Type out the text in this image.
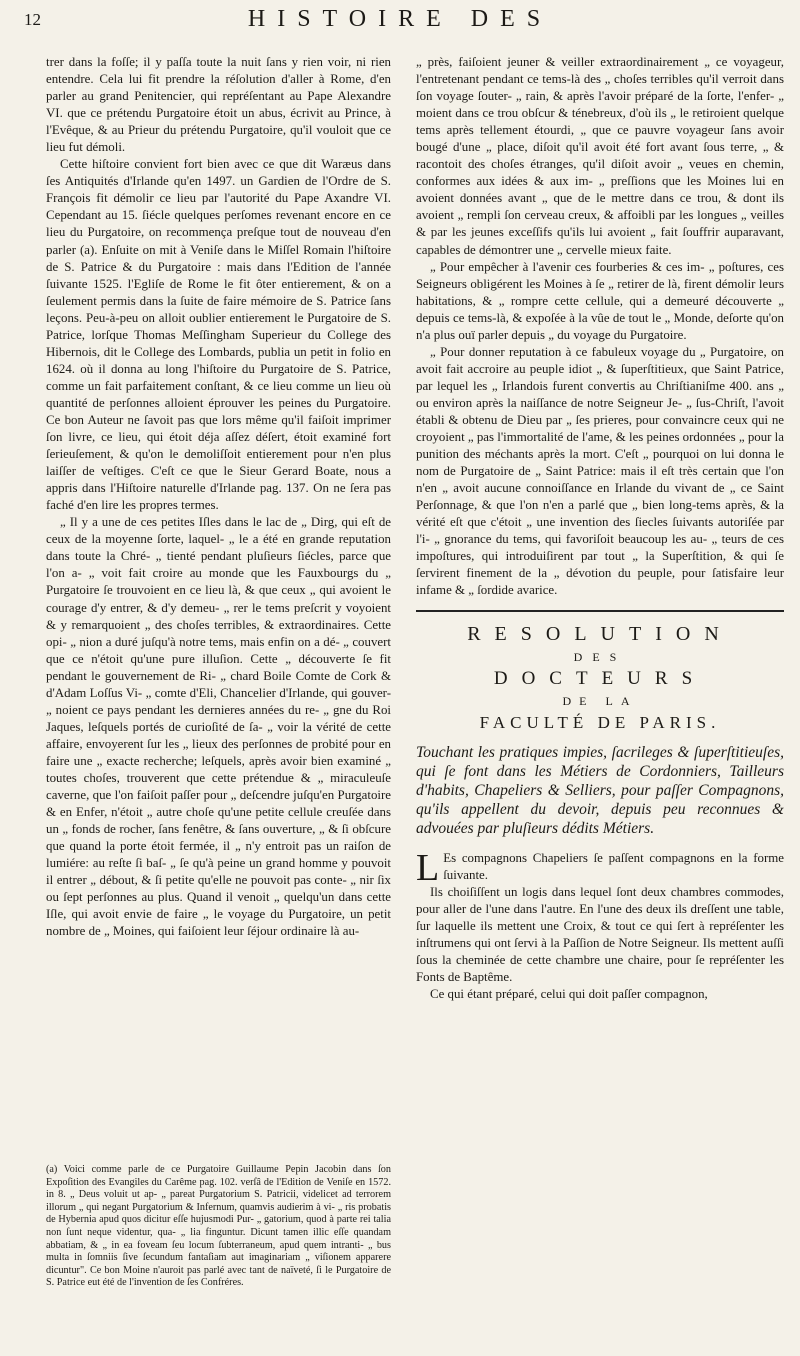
12	HISTOIRE DES

trer dans la foſſe; il y paſſa toute la nuit ſans y rien voir, ni rien entendre. Cela lui fit prendre la réſolution d'aller à Rome, d'en parler au grand Penitencier, qui repréſentant au Pape Alexandre VI. que ce prétendu Purgatoire étoit un abus, écrivit au Prince, à l'Evêque, & au Prieur du prétendu Purgatoire, qu'il vouloit que ce lieu fut démoli.

Cette hiſtoire convient fort bien avec ce que dit Waræus dans ſes Antiquités d'Irlande qu'en 1497. un Gardien de l'Ordre de S. François fit démolir ce lieu par l'autorité du Pape Axandre VI. Cependant au 15. ſiécle quelques perſomes revenant encore en ce lieu du Purgatoire, on recommença preſque tout de nouveau d'en parler (a). Enſuite on mit à Veniſe dans le Miſſel Romain l'hiſtoire de S. Patrice & du Purgatoire : mais dans l'Edition de l'année ſuivante 1525. l'Egliſe de Rome le fit ôter entierement, & on a ſeulement permis dans la ſuite de faire mémoire de S. Patrice ſans leçons. Peu-à-peu on alloit oublier entierement le Purgatoire de S. Patrice, lorſque Thomas Meſſingham Superieur du College des Hibernois, dit le College des Lombards, publia un petit in folio en 1624. où il donna au long l'hiſtoire du Purgatoire de S. Patrice, comme un fait parfaitement conſtant, & ce lieu comme un lieu où quantité de perſonnes alloient éprouver les peines du Purgatoire. Ce bon Auteur ne ſavoit pas que lors même qu'il faiſoit imprimer ſon livre, ce lieu, qui étoit déja aſſez déſert, étoit examiné fort ſerieuſement, & qu'on le demoliſſoit entierement pour n'en plus laiſſer de veſtiges. C'eſt ce que le Sieur Gerard Boate, nous a appris dans l'Hiſtoire naturelle d'Irlande pag. 137. On ne ſera pas faché d'en lire les propres termes.

„ Il y a une de ces petites Iſles dans le lac de „ Dirg, qui eſt de ceux de la moyenne ſorte, laquel- „ le a été en grande reputation dans toute la Chré- „ tienté pendant pluſieurs ſiécles, parce que l'on a- „ voit fait croire au monde que les Fauxbourgs du „ Purgatoire ſe trouvoient en ce lieu là, & que ceux „ qui avoient le courage d'y entrer, & d'y demeu- „ rer le tems preſcrit y voyoient & y remarquoient „ des choſes terribles, & extraordinaires. Cette opi- „ nion a duré juſqu'à notre tems, mais enfin on a dé- „ couvert que ce n'étoit qu'une pure illuſion. Cette „ découverte ſe fit pendant le gouvernement de Ri- „ chard Boile Comte de Cork & d'Adam Loſſus Vi- „ comte d'Eli, Chancelier d'Irlande, qui gouver- „ noient ce pays pendant les dernieres années du re- „ gne du Roi Jaques, leſquels portés de curioſité de ſa- „ voir la vérité de cette affaire, envoyerent ſur les „ lieux des perſonnes de probité pour en faire une „ exacte recherche; leſquels, après avoir bien examiné „ toutes choſes, trouverent que cette prétendue & „ miraculeuſe caverne, que l'on faiſoit paſſer pour „ deſcendre juſqu'en Purgatoire & en Enfer, n'étoit „ autre choſe qu'une petite cellule creuſée dans un „ fonds de rocher, ſans fenêtre, & ſans ouverture, „ & ſi obſcure que quand la porte étoit fermée, il „ n'y entroit pas un raiſon de lumiére: au reſte ſi baſ- „ ſe qu'à peine un grand homme y pouvoit il entrer „ débout, & ſi petite qu'elle ne pouvoit pas conte- „ nir ſix ou ſept perſonnes au plus. Quand il venoit „ quelqu'un dans cette Iſle, qui avoit envie de faire „ le voyage du Purgatoire, un petit nombre de „ Moines, qui faiſoient leur ſéjour ordinaire là au-

(a) Voici comme parle de ce Purgatoire Guillaume Pepin Jacobin dans ſon Expoſition des Evangiles du Carême pag. 102. verſâ de l'Edition de Veniſe en 1572. in 8. „ Deus voluit ut ap- „ pareat Purgatorium S. Patricii, videlicet ad terrorem illorum „ qui negant Purgatorium & Infernum, quamvis audierim à vi- „ ris probatis de Hybernia apud quos dicitur eſſe hujusmodi Pur- „ gatorium, quod à parte rei talia non ſunt neque videntur, qua- „ lia finguntur. Dicunt tamen illic eſſe quandam abbatiam, & „ in ea foveam ſeu locum ſubterraneum, apud quem intranti- „ bus multa in ſomniis ſive ſecundum fantaſiam aut imaginariam „ viſionem apparere dicuntur". Ce bon Moine n'auroit pas parlé avec tant de naïveté, ſi le Purgatoire de S. Patrice eut été de l'invention de ſes Confréres.

„ près, faiſoient jeuner & veiller extraordinairement „ ce voyageur, l'entretenant pendant ce tems-là des „ choſes terribles qu'il verroit dans ſon voyage ſouter- „ rain, & après l'avoir préparé de la ſorte, l'enfer- „ moient dans ce trou obſcur & ténebreux, d'où ils „ le retiroient quelque tems après tellement étourdi, „ que ce pauvre voyageur ſans avoir bougé d'une „ place, diſoit qu'il avoit été fort avant ſous terre, „ & racontoit des choſes étranges, qu'il diſoit avoir „ veues en chemin, conformes aux idées & aux im- „ preſſions que les Moines lui en avoient données avant „ que de le mettre dans ce trou, & dont ils avoient „ rempli ſon cerveau creux, & affoibli par les longues „ veilles & par les jeunes exceſſifs qu'ils lui avoient „ fait ſouffrir auparavant, capables de démontrer une „ cervelle mieux faite.

„ Pour empêcher à l'avenir ces fourberies & ces im- „ poſtures, ces Seigneurs obligérent les Moines à ſe „ retirer de là, firent démolir leurs habitations, & „ rompre cette cellule, qui a demeuré découverte „ depuis ce tems-là, & expoſée à la vûe de tout le „ Monde, deſorte qu'on n'a plus ouï parler depuis „ du voyage du Purgatoire.

„ Pour donner reputation à ce fabuleux voyage du „ Purgatoire, on avoit fait accroire au peuple idiot „ & ſuperſtitieux, que Saint Patrice, par lequel les „ Irlandois furent convertis au Chriſtianiſme 400. ans „ ou environ après la naiſſance de notre Seigneur Je- „ ſus-Chriſt, l'avoit établi & obtenu de Dieu par „ ſes prieres, pour convaincre ceux qui ne croyoient „ pas l'immortalité de l'ame, & les peines ordonnées „ pour la punition des méchants après la mort. C'eſt „ pourquoi on lui donna le nom de Purgatoire de „ Saint Patrice: mais il eſt très certain que l'on n'en „ avoit aucune connoiſſance en Irlande du vivant de „ ce Saint Perſonnage, & que l'on n'en a parlé que „ bien long-tems après, & la vérité eſt que c'étoit „ une invention des ſiecles ſuivants autoriſée par l'i- „ gnorance du tems, qui favoriſoit beaucoup les au- „ teurs de ces impoſtures, qui introduiſirent par tout „ la Superſtition, & qui ſe ſervirent finement de la „ dévotion du peuple, pour ſatisfaire leur infame & „ ſordide avarice.

RESOLUTION
DES
DOCTEURS
DE LA
FACULTÉ DE PARIS.
Touchant les pratiques impies, ſacrileges & ſuperſtitieuſes, qui ſe font dans les Métiers de Cordonniers, Tailleurs d'habits, Chapeliers & Selliers, pour paſſer Compagnons, qu'ils appellent du devoir, depuis peu reconnues & advouées par pluſieurs dédits Métiers.

L Es compagnons Chapeliers ſe paſſent compagnons en la forme ſuivante.

Ils choiſiſſent un logis dans lequel ſont deux chambres commodes, pour aller de l'une dans l'autre. En l'une des deux ils dreſſent une table, ſur laquelle ils mettent une Croix, & tout ce qui ſert à repréſenter les inſtrumens qui ont ſervi à la Paſſion de Notre Seigneur. Ils mettent auſſi ſous la cheminée de cette chambre une chaire, pour ſe repréſenter les Fonts de Baptême.

Ce qui étant préparé, celui qui doit paſſer compagnon,
